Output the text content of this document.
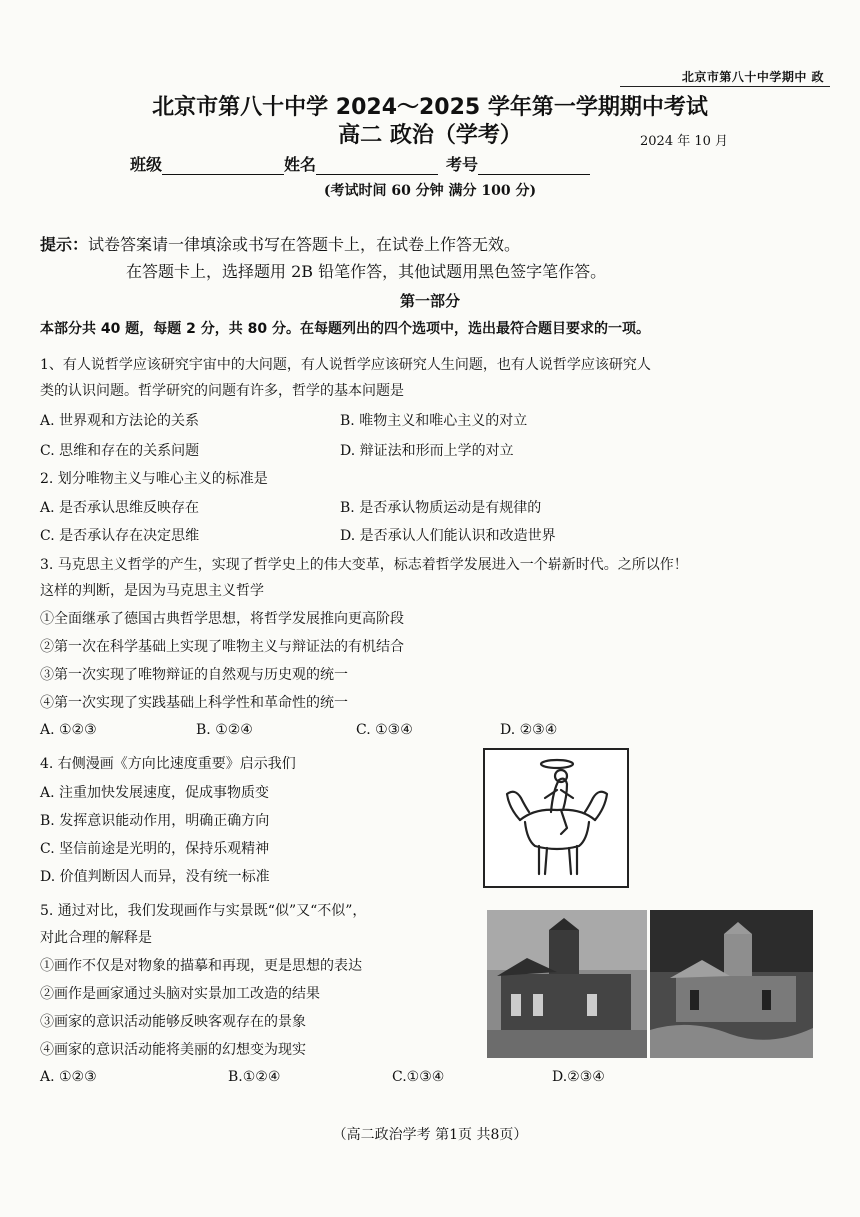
北京市第八十中学期中 政
北京市第八十中学 2024～2025 学年第一学期期中考试
高二 政治（学考）	2024 年 10 月
班级	姓名	考号
(考试时间 60 分钟 满分 100 分)
提示：试卷答案请一律填涂或书写在答题卡上，在试卷上作答无效。
在答题卡上，选择题用 2B 铅笔作答，其他试题用黑色签字笔作答。
第一部分
本部分共 40 题，每题 2 分，共 80 分。在每题列出的四个选项中，选出最符合题目要求的一项。
1、有人说哲学应该研究宇宙中的大问题，有人说哲学应该研究人生问题，也有人说哲学应该研究人
类的认识问题。哲学研究的问题有许多，哲学的基本问题是
A. 世界观和方法论的关系	B. 唯物主义和唯心主义的对立
C. 思维和存在的关系问题	D. 辩证法和形而上学的对立
2. 划分唯物主义与唯心主义的标准是
A. 是否承认思维反映存在	B. 是否承认物质运动是有规律的
C. 是否承认存在决定思维	D. 是否承认人们能认识和改造世界
3. 马克思主义哲学的产生，实现了哲学史上的伟大变革，标志着哲学发展进入一个崭新时代。之所以作！
这样的判断，是因为马克思主义哲学
①全面继承了德国古典哲学思想，将哲学发展推向更高阶段
②第一次在科学基础上实现了唯物主义与辩证法的有机结合
③第一次实现了唯物辩证的自然观与历史观的统一
④第一次实现了实践基础上科学性和革命性的统一
A. ①②③	B. ①②④	C. ①③④	D. ②③④
4. 右侧漫画《方向比速度重要》启示我们
A. 注重加快发展速度，促成事物质变
B. 发挥意识能动作用，明确正确方向
C. 坚信前途是光明的，保持乐观精神
D. 价值判断因人而异，没有统一标准
5. 通过对比，我们发现画作与实景既“似”又“不似”，
对此合理的解释是
①画作不仅是对物象的描摹和再现，更是思想的表达
②画作是画家通过头脑对实景加工改造的结果
③画家的意识活动能够反映客观存在的景象
④画家的意识活动能将美丽的幻想变为现实
A. ①②③	B.①②④	C.①③④	D.②③④
（高二政治学考 第1页 共8页）
